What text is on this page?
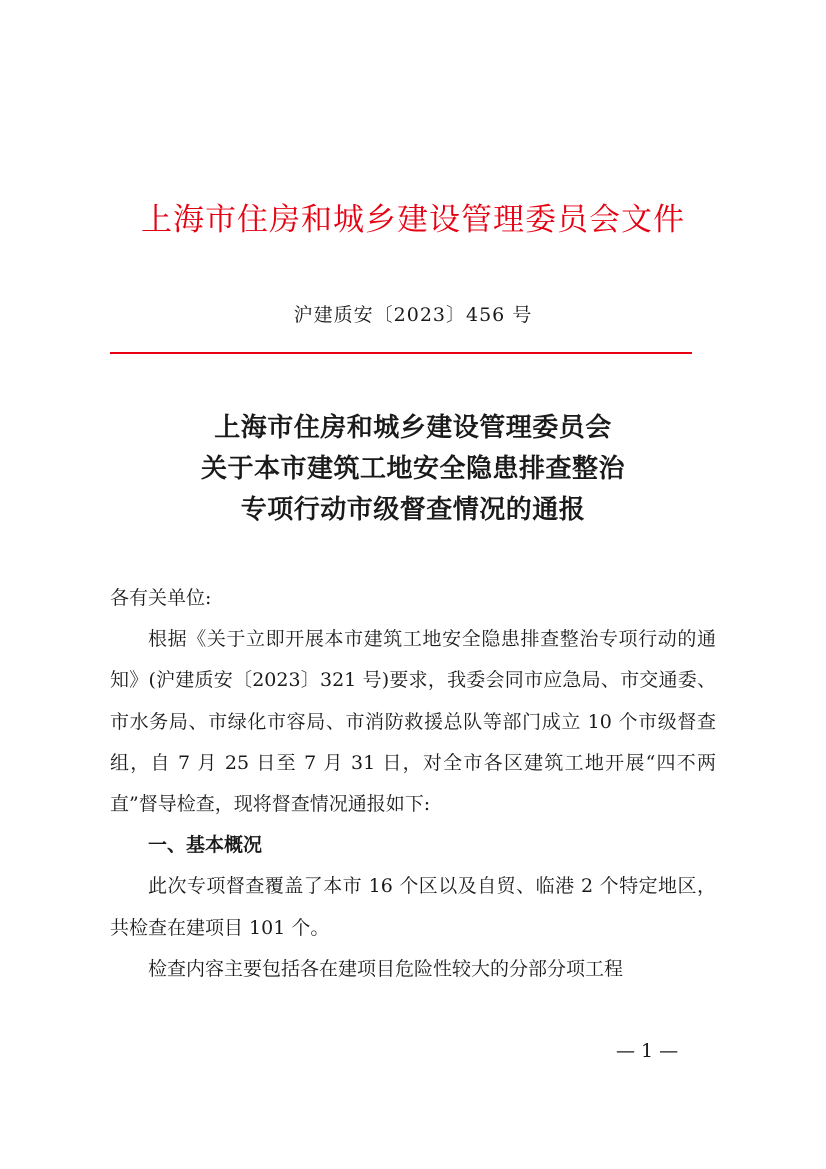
上海市住房和城乡建设管理委员会文件
沪建质安〔2023〕456 号
上海市住房和城乡建设管理委员会
关于本市建筑工地安全隐患排查整治
专项行动市级督查情况的通报

各有关单位:

根据《关于立即开展本市建筑工地安全隐患排查整治专项行动的通知》(沪建质安〔2023〕321 号)要求，我委会同市应急局、市交通委、市水务局、市绿化市容局、市消防救援总队等部门成立 10 个市级督查组，自 7 月 25 日至 7 月 31 日，对全市各区建筑工地开展“四不两直”督导检查，现将督查情况通报如下:

一、基本概况

此次专项督查覆盖了本市 16 个区以及自贸、临港 2 个特定地区，共检查在建项目 101 个。

检查内容主要包括各在建项目危险性较大的分部分项工程

— 1 —
